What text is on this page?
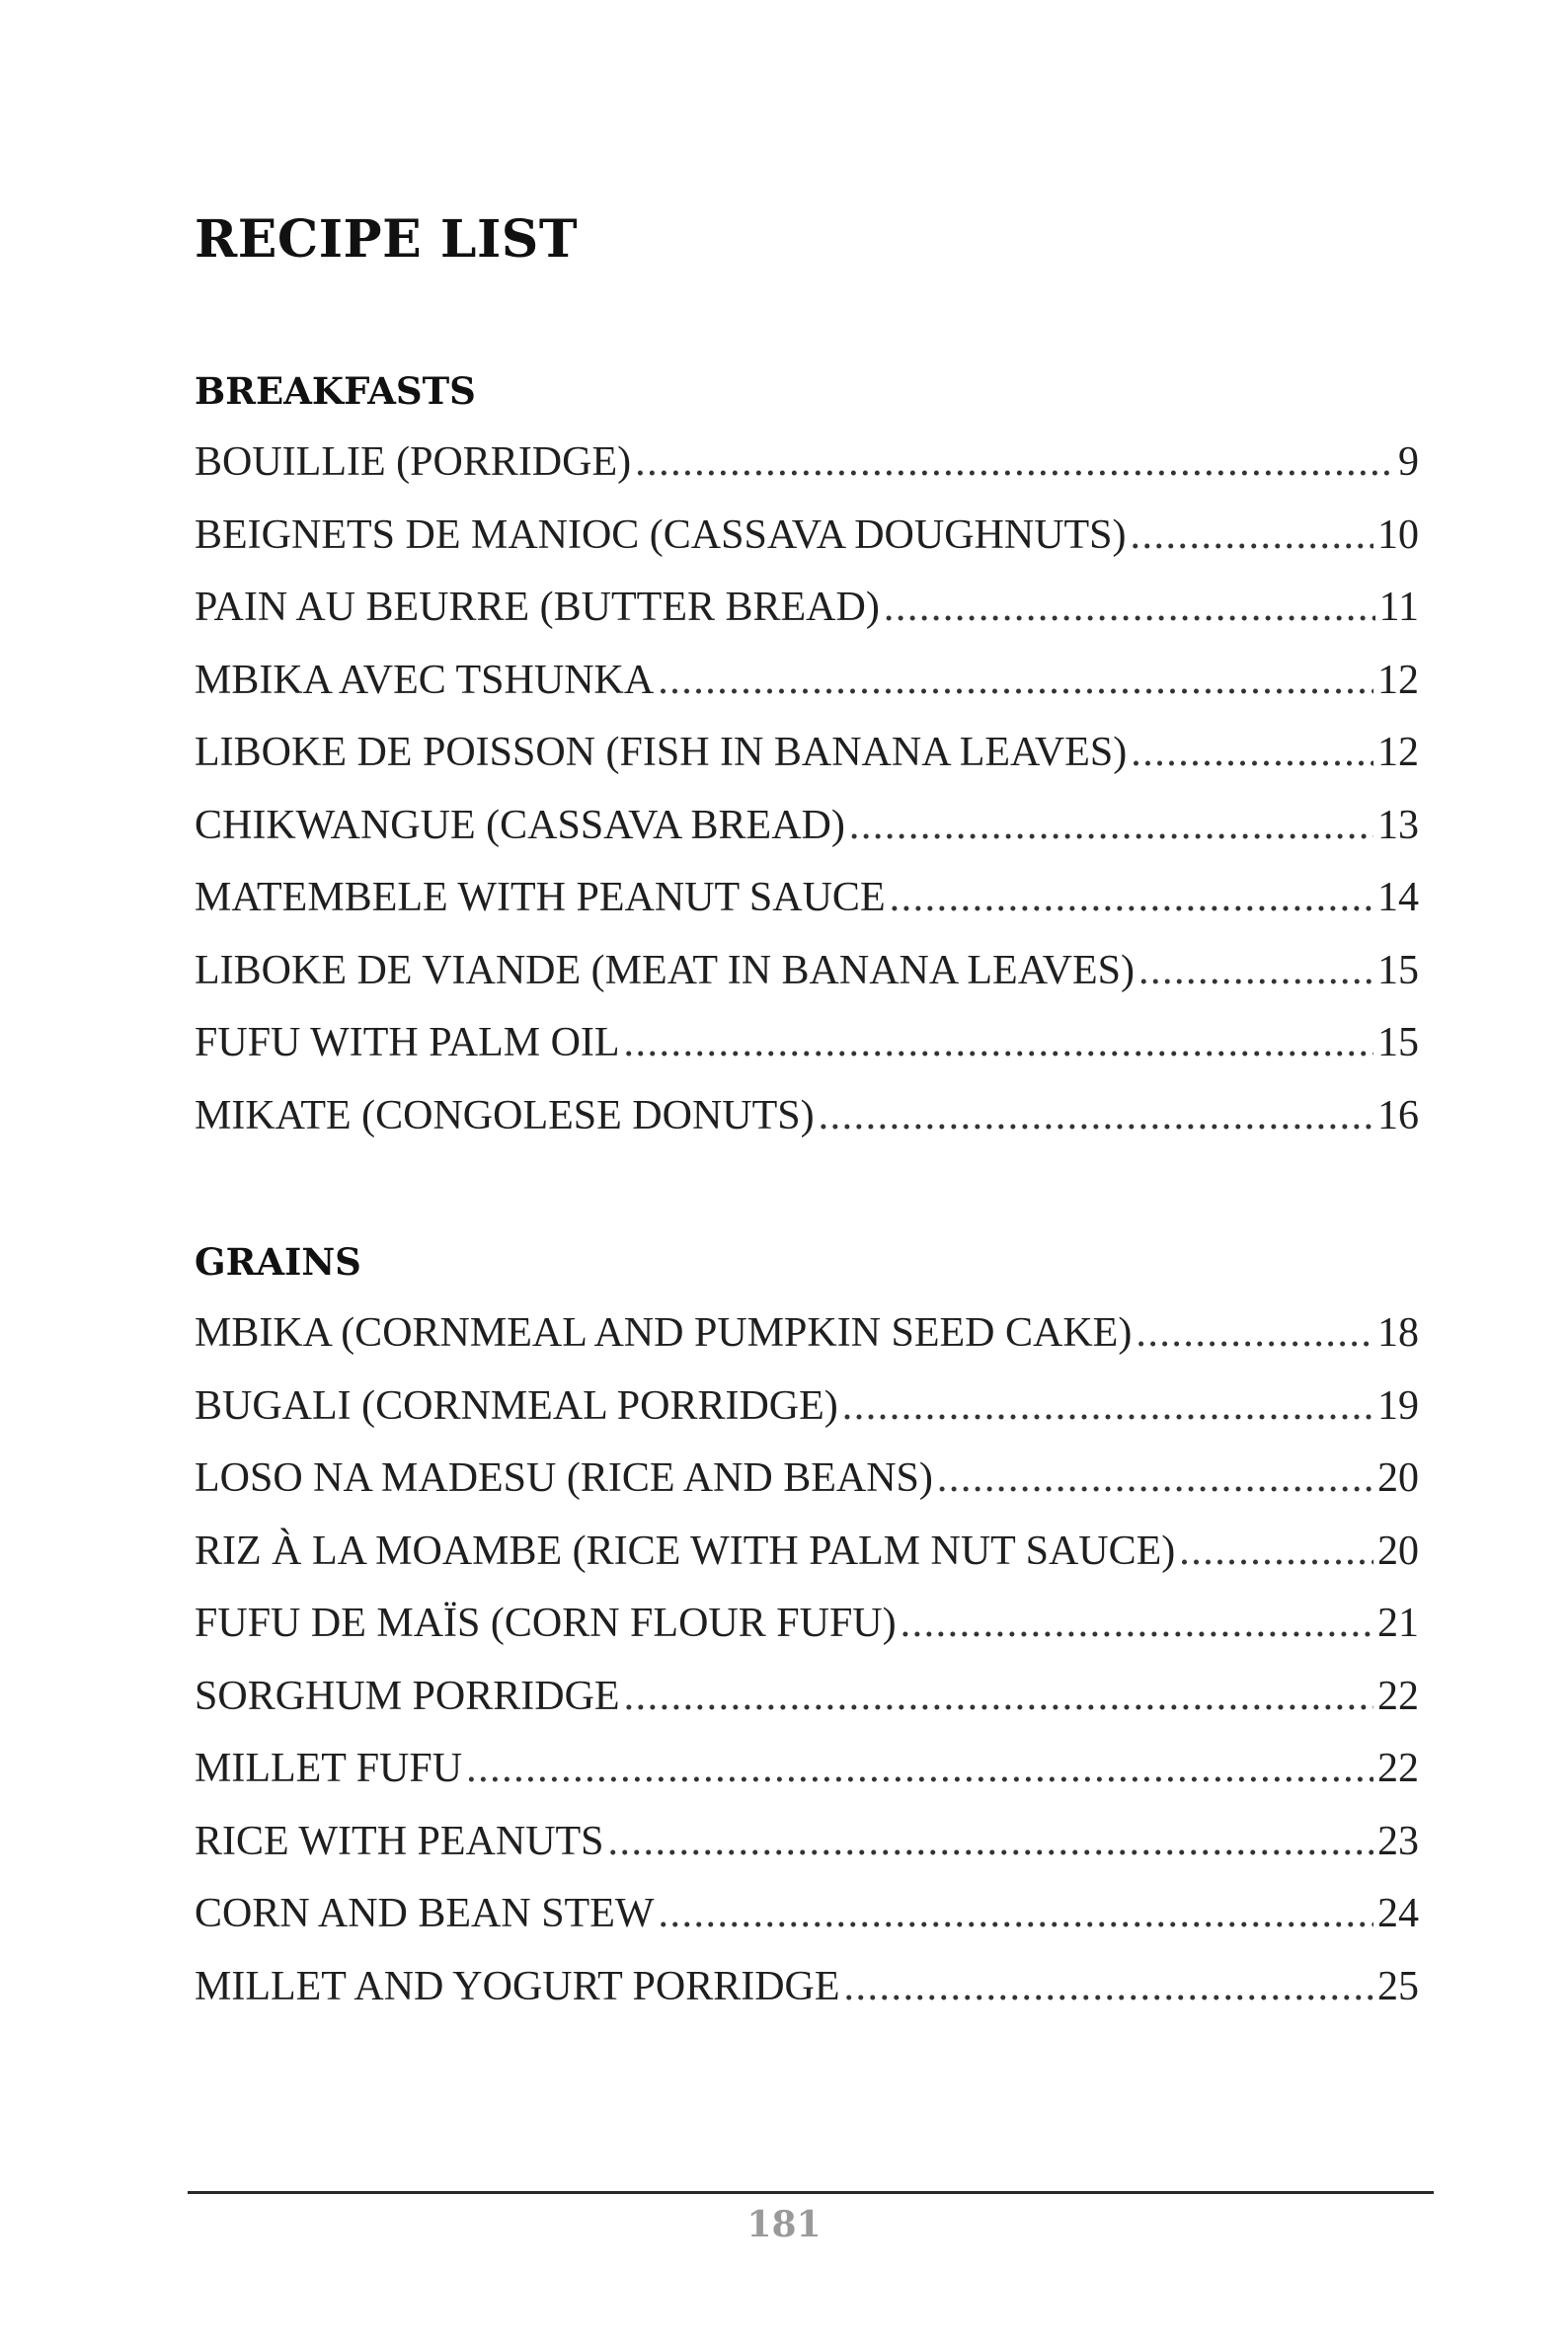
RECIPE LIST
BREAKFASTS
BOUILLIE (PORRIDGE) .....	9
BEIGNETS DE MANIOC (CASSAVA DOUGHNUTS) .....	10
PAIN AU BEURRE (BUTTER BREAD) .....	11
MBIKA AVEC TSHUNKA .....	12
LIBOKE DE POISSON (FISH IN BANANA LEAVES) .....	12
CHIKWANGUE (CASSAVA BREAD) .....	13
MATEMBELE WITH PEANUT SAUCE .....	14
LIBOKE DE VIANDE (MEAT IN BANANA LEAVES) .....	15
FUFU WITH PALM OIL .....	15
MIKATE (CONGOLESE DONUTS) .....	16
GRAINS
MBIKA (CORNMEAL AND PUMPKIN SEED CAKE) .....	18
BUGALI (CORNMEAL PORRIDGE) .....	19
LOSO NA MADESU (RICE AND BEANS) .....	20
RIZ À LA MOAMBE (RICE WITH PALM NUT SAUCE) .....	20
FUFU DE MAÏS (CORN FLOUR FUFU) .....	21
SORGHUM PORRIDGE .....	22
MILLET FUFU .....	22
RICE WITH PEANUTS .....	23
CORN AND BEAN STEW .....	24
MILLET AND YOGURT PORRIDGE .....	25
181
